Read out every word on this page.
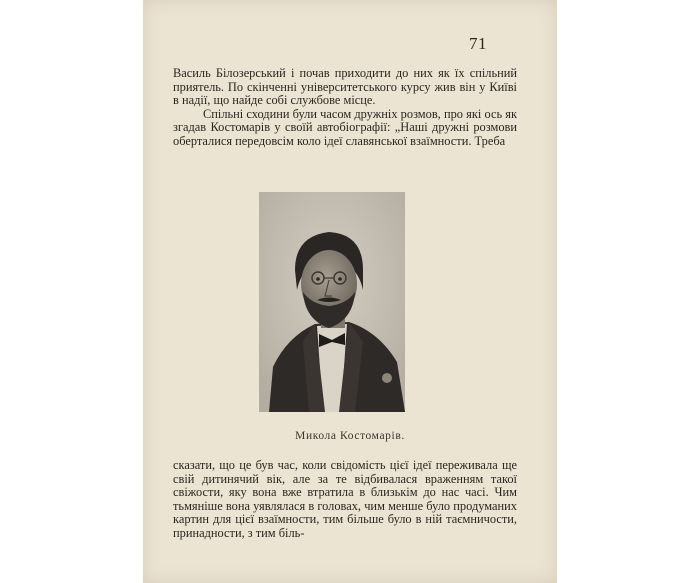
71

Василь Білозерський і почав приходити до них як їх спільний приятель. По скінченні університетського курсу жив він у Київі в надії, що найде собі службове місце.

Спільні сходини були часом дружніх розмов, про які ось як згадав Костомарів у своїй автобіографії: „Наші дружні розмови оберталися передовсім коло ідеї славянської взаїмности. Треба

Микола Костомарів.

сказати, що це був час, коли свідомість цієї ідеї переживала ще свій дитинячий вік, але за те відбивалася враженням такої свіжости, яку вона вже втратила в близькім до нас часі. Чим тьмяніше вона уявлялася в головах, чим менше було продуманих картин для цієї взаїмности, тим більше було в ній таємничости, принадности, з тим біль-
